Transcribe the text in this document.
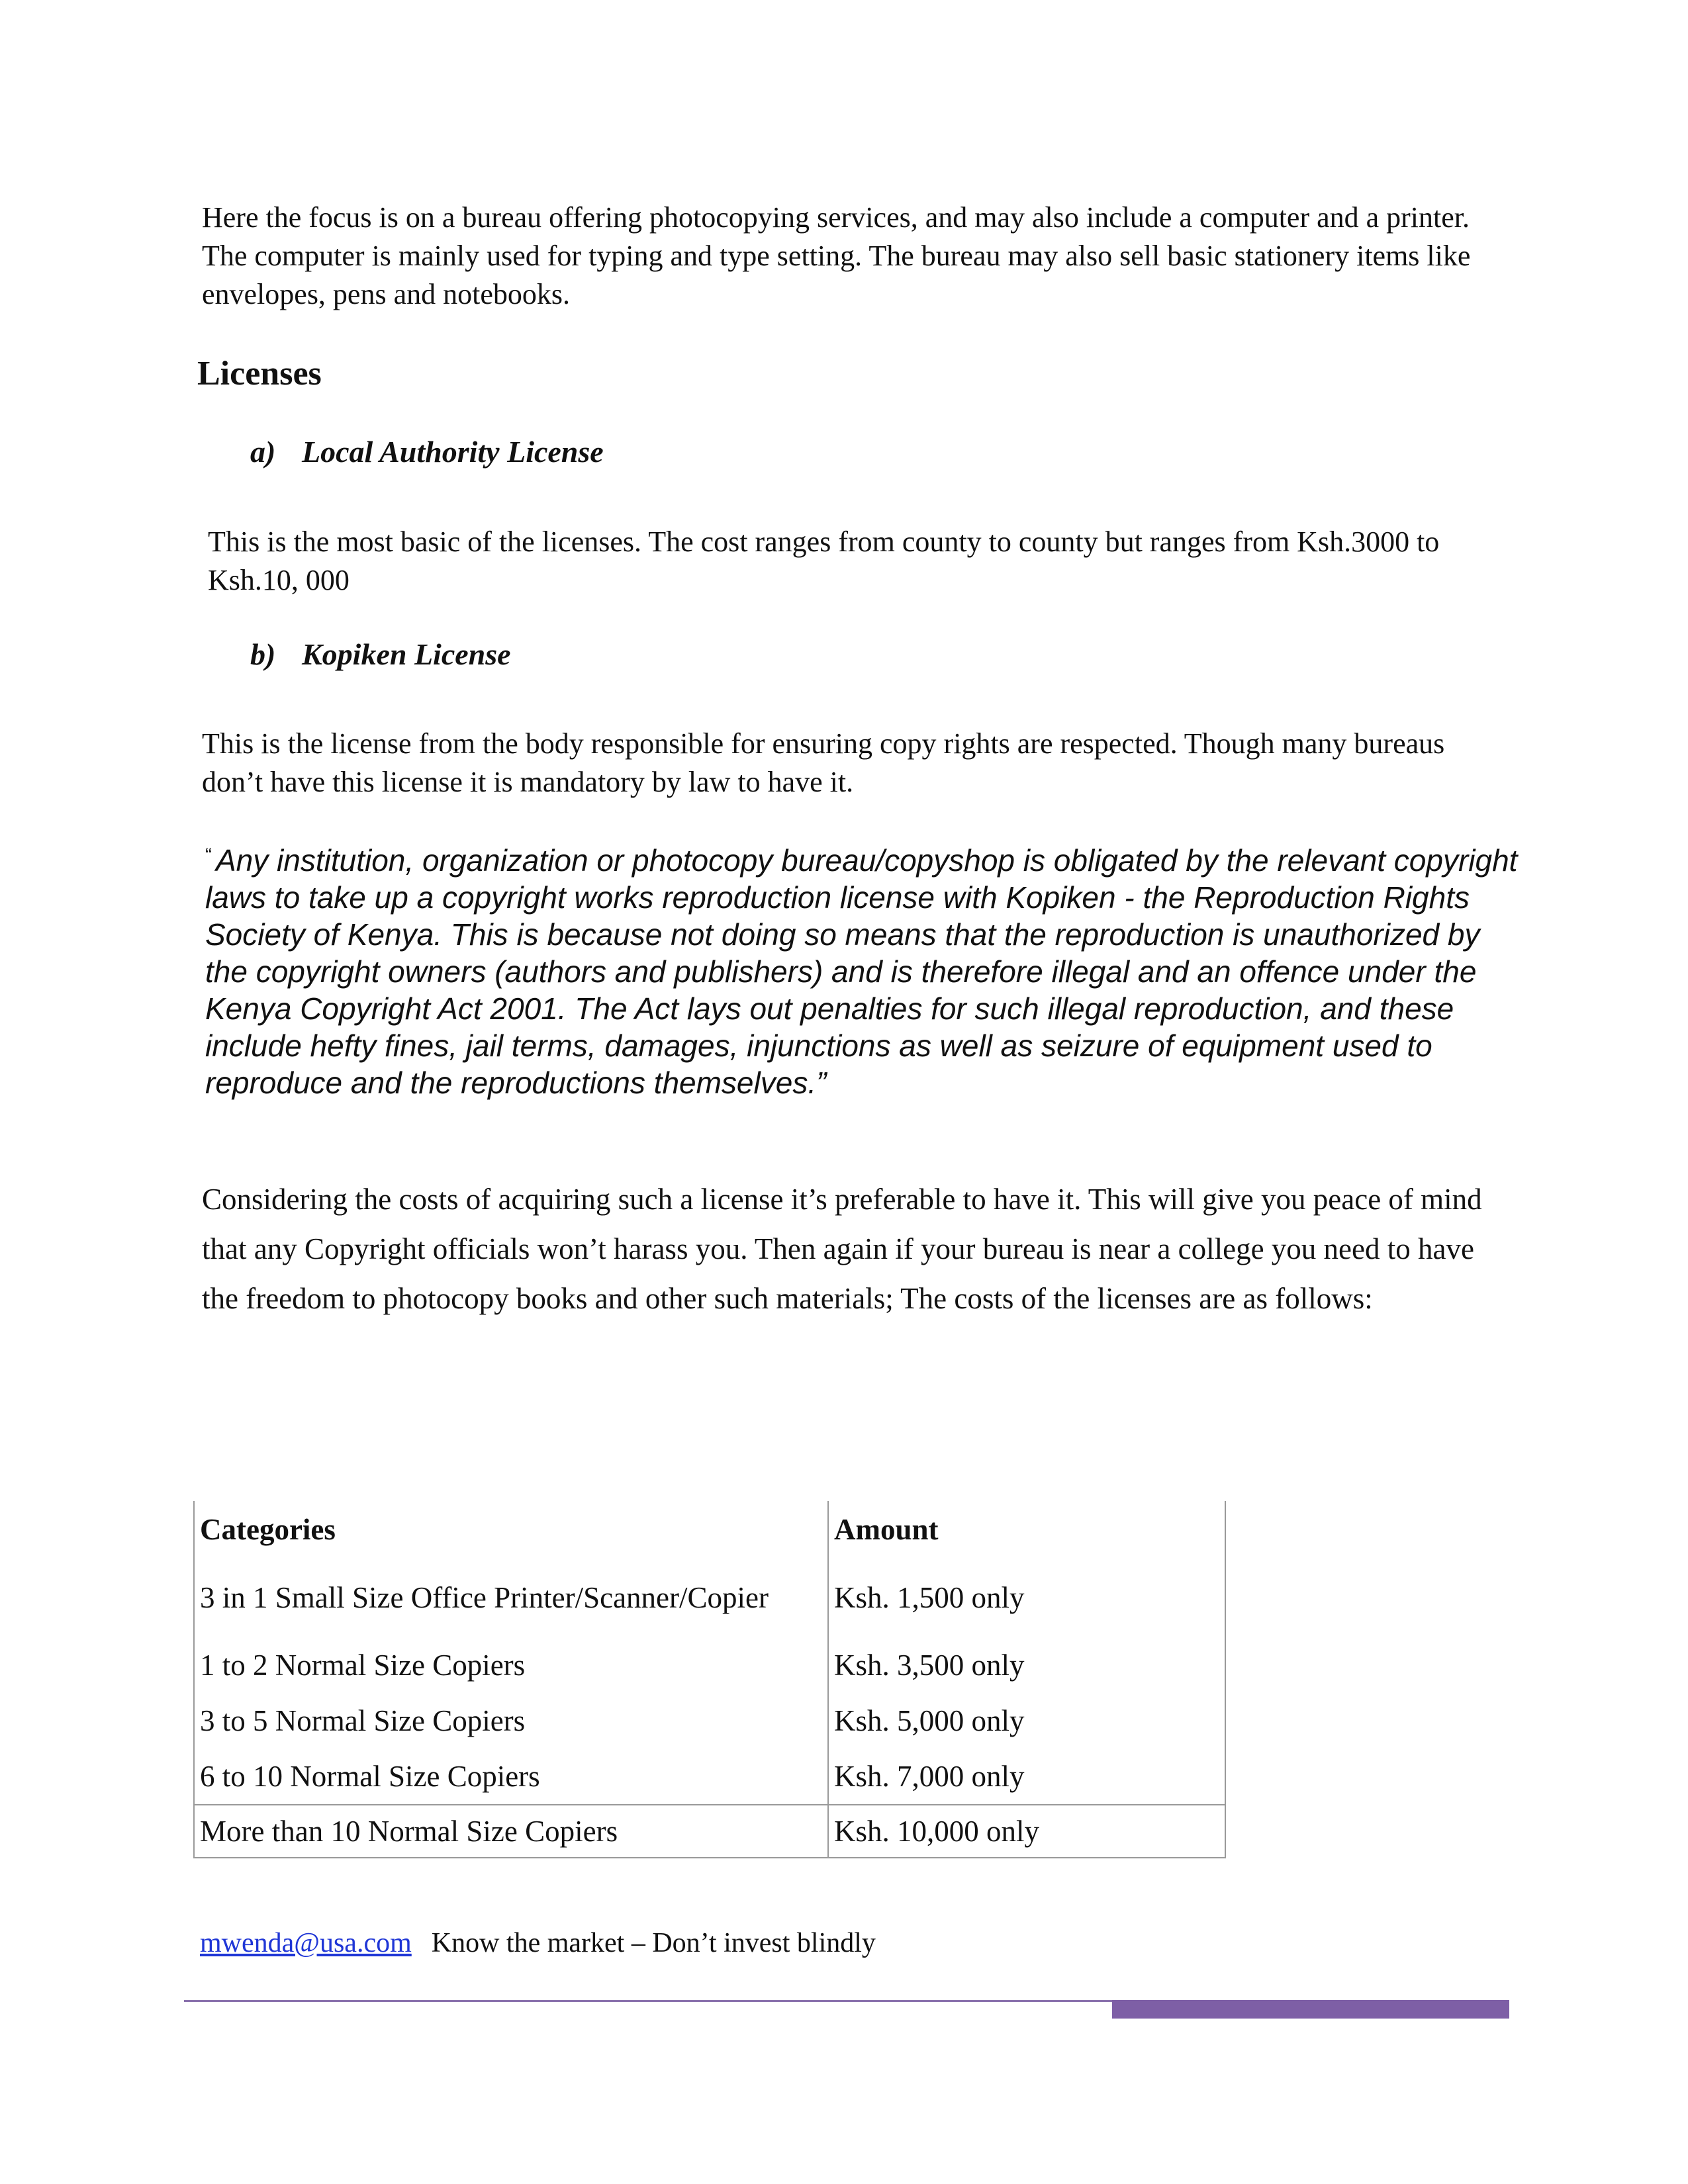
Here the focus is on a bureau offering photocopying services, and may also include a computer and a printer. The computer is mainly used for typing and type setting. The bureau may also sell basic stationery items like envelopes, pens and notebooks.

Licenses
a) Local Authority License

This is the most basic of the licenses. The cost ranges from county to county but ranges from Ksh.3000 to Ksh.10, 000

b) Kopiken License

This is the license from the body responsible for ensuring copy rights are respected. Though many bureaus don’t have this license it is mandatory by law to have it.

“ Any institution, organization or photocopy bureau/copyshop is obligated by the relevant copyright laws to take up a copyright works reproduction license with Kopiken - the Reproduction Rights Society of Kenya. This is because not doing so means that the reproduction is unauthorized by the copyright owners (authors and publishers) and is therefore illegal and an offence under the Kenya Copyright Act 2001. The Act lays out penalties for such illegal reproduction, and these include hefty fines, jail terms, damages, injunctions as well as seizure of equipment used to reproduce and the reproductions themselves.”

Considering the costs of acquiring such a license it’s preferable to have it. This will give you peace of mind that any Copyright officials won’t harass you. Then again if your bureau is near a college you need to have the freedom to photocopy books and other such materials; The costs of the licenses are as follows:

Categories	Amount
3 in 1 Small Size Office Printer/Scanner/Copier	Ksh. 1,500 only
1 to 2 Normal Size Copiers	Ksh. 3,500 only
3 to 5 Normal Size Copiers	Ksh. 5,000 only
6 to 10 Normal Size Copiers	Ksh. 7,000 only
More than 10 Normal Size Copiers	Ksh. 10,000 only
mwenda@usa.com Know the market – Don’t invest blindly
